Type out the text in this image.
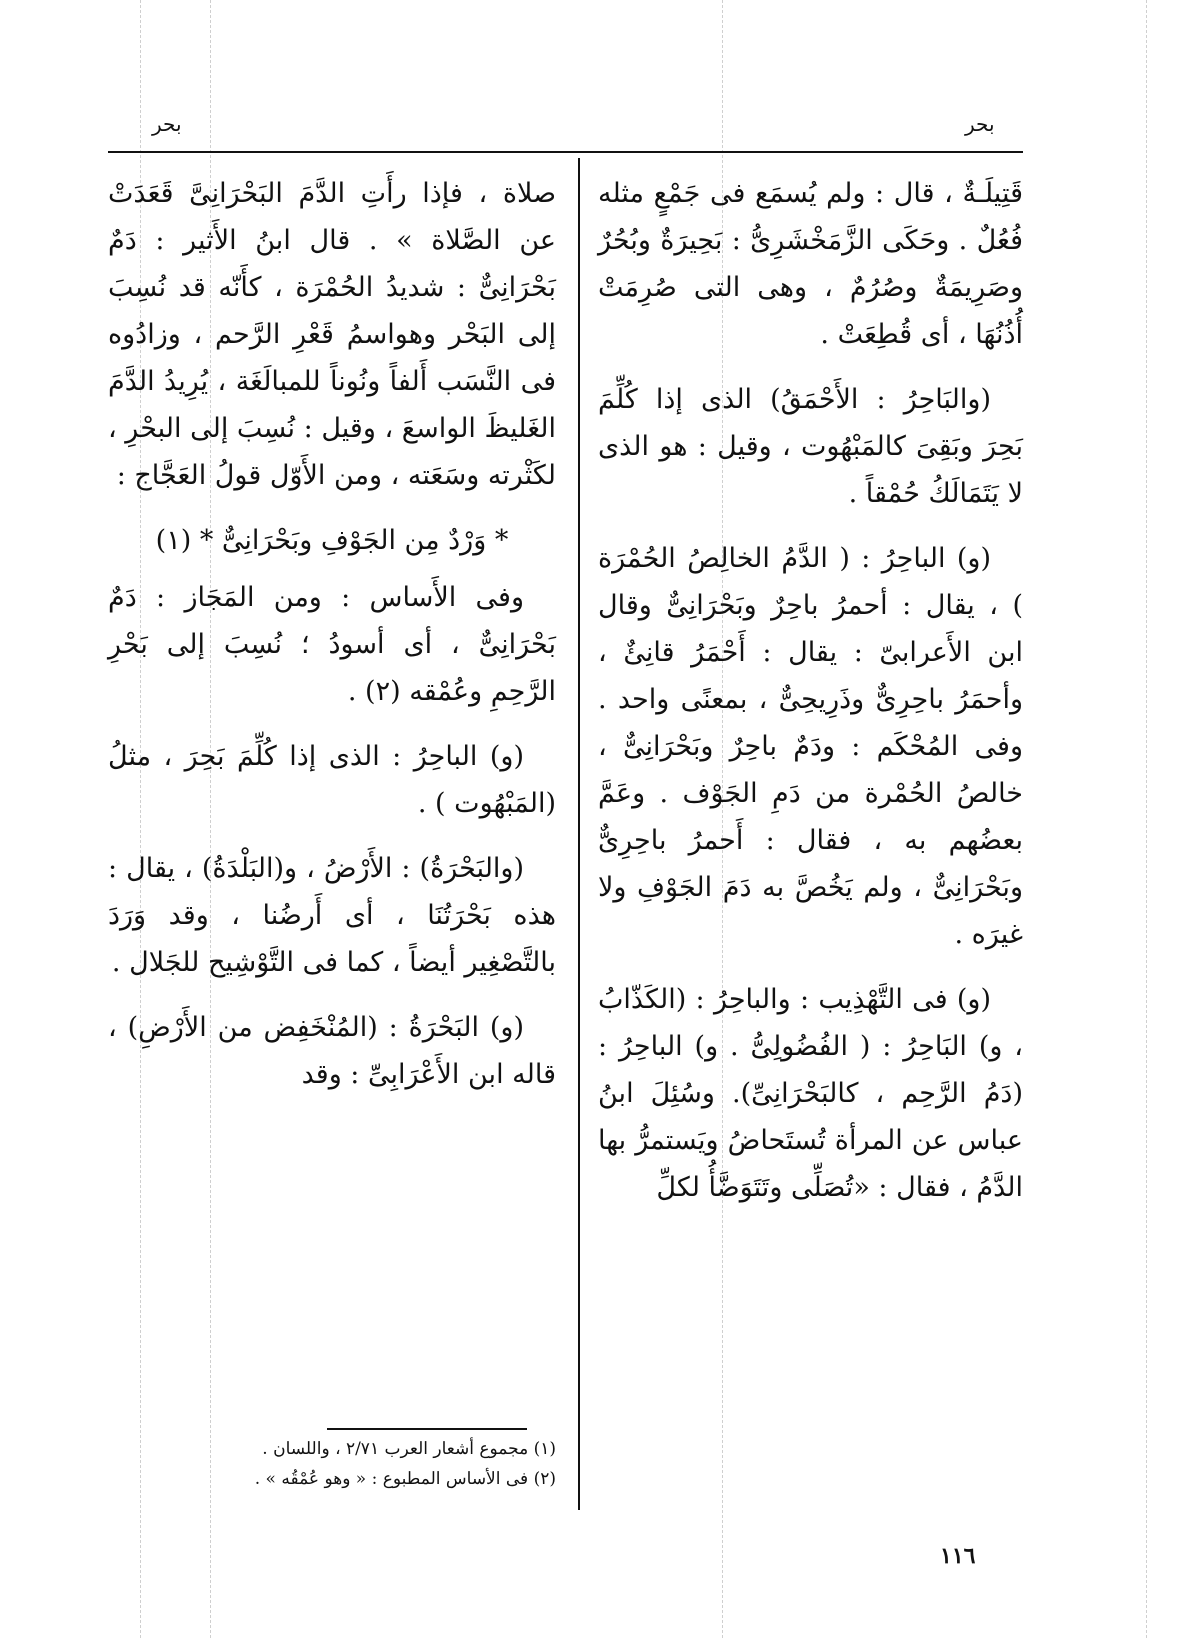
بحر
بحر

قَتِيلَـةٌ ، قال : ولم يُسمَع فى جَمْعٍ مثله فُعُلٌ . وحَكَى الزَّمَخْشَرِىُّ : بَحِيرَةٌ وبُحُرٌ وصَرِيمَةٌ وصُرُمٌ ، وهى التى صُرِمَتْ أُذُنُهَا ، أى قُطِعَتْ .

(والبَاحِرُ : الأَحْمَقُ) الذى إذا كُلِّمَ بَحِرَ وبَقِىَ كالمَبْهُوت ، وقيل : هو الذى لا يَتَمَالَكُ حُمْقاً .

(و) الباحِرُ : ( الدَّمُ الخالِصُ الحُمْرَة ) ، يقال : أحمرُ باحِرٌ وبَحْرَانِىٌّ وقال ابن الأَعرابىّ : يقال : أَحْمَرُ قانِئٌ ، وأحمَرُ باحِرِىٌّ وذَرِيحِىٌّ ، بمعنًى واحد . وفى المُحْكَم : ودَمٌ باحِرٌ وبَحْرَانِىٌّ ، خالصُ الحُمْرة من دَمِ الجَوْف . وعَمَّ بعضُهم به ، فقال : أَحمرُ باحِرِىٌّ وبَحْرَانِىٌّ ، ولم يَخُصَّ به دَمَ الجَوْفِ ولا غيرَه .

(و) فى التَّهْذِيب : والباحِرُ : (الكَذّابُ ، و) البَاحِرُ : ( الفُضُولِىُّ . و) الباحِرُ : (دَمُ الرَّحِم ، كالبَحْرَانِىِّ). وسُئِلَ ابنُ عباس عن المرأة تُستَحاضُ ويَستمرُّ بها الدَّمُ ، فقال : «تُصَلِّى وتَتَوَضَّأُ لكلِّ

صلاة ، فإذا رأَتِ الدَّمَ البَحْرَانِىَّ قَعَدَتْ عن الصَّلاة » . قال ابنُ الأَثير : دَمٌ بَحْرَانِىٌّ : شديدُ الحُمْرَة ، كأَنّه قد نُسِبَ إلى البَحْر وهواسمُ قَعْرِ الرَّحم ، وزادُوه فى النَّسَب أَلفاً ونُوناً للمبالَغَة ، يُرِيدُ الدَّمَ الغَليظَ الواسعَ ، وقيل : نُسِبَ إلى البحْرِ ، لكَثْرته وسَعَته ، ومن الأَوّل قولُ العَجَّاج :

* وَرْدٌ مِن الجَوْفِ وبَحْرَانِىٌّ * (١)

وفى الأَساس : ومن المَجَاز : دَمٌ بَحْرَانِىٌّ ، أى أسودُ ؛ نُسِبَ إلى بَحْرِ الرَّحِمِ وعُمْقه (٢) .

(و) الباحِرُ : الذى إذا كُلِّمَ بَحِرَ ، مثلُ (المَبْهُوت ) .

(والبَحْرَةُ) : الأَرْضُ ، و(البَلْدَةُ) ، يقال : هذه بَحْرَتُنَا ، أى أَرضُنا ، وقد وَرَدَ بالتَّصْغِير أيضاً ، كما فى التَّوْشِيح للجَلال .

(و) البَحْرَةُ : (المُنْخَفِض من الأَرْضِ) ، قاله ابن الأَعْرَابِىِّ : وقد

(١) مجموع أشعار العرب ٢/٧١ ، واللسان .
(٢) فى الأساس المطبوع : « وهو عُمْقُه » .
١١٦
